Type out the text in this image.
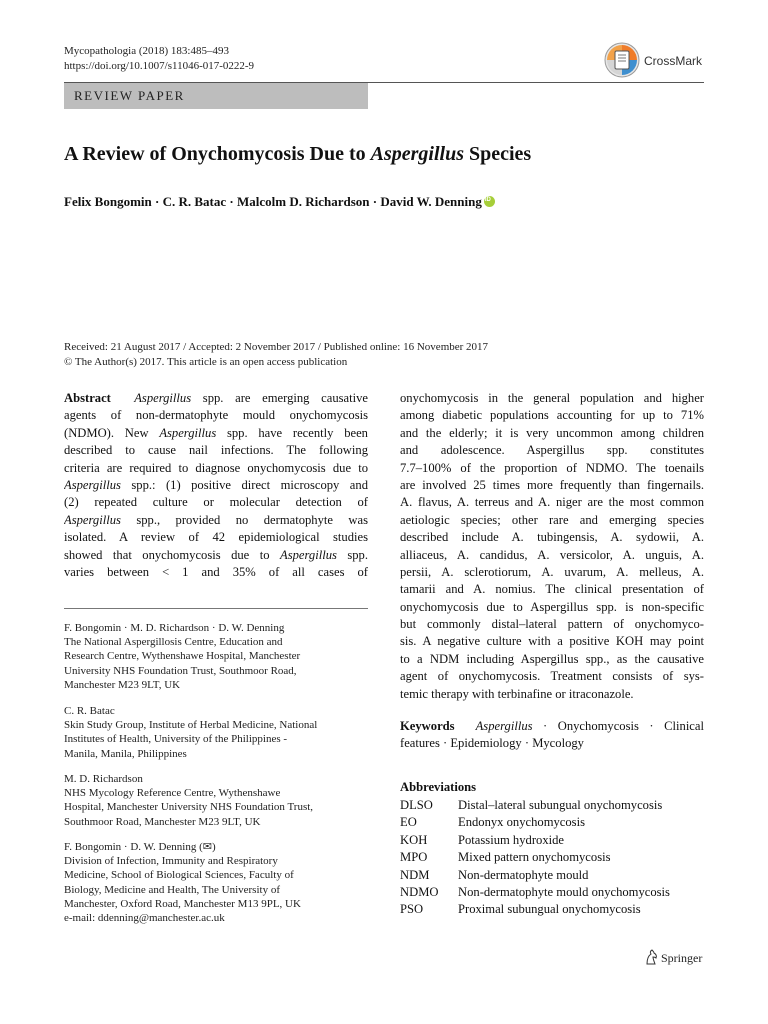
Mycopathologia (2018) 183:485–493
https://doi.org/10.1007/s11046-017-0222-9	CrossMark
REVIEW PAPER
A Review of Onychomycosis Due to Aspergillus Species
Felix Bongomin · C. R. Batac · Malcolm D. Richardson · David W. DenningiD
Received: 21 August 2017 / Accepted: 2 November 2017 / Published online: 16 November 2017
© The Author(s) 2017. This article is an open access publication
Abstract Aspergillus spp. are emerging causative
agents of non-dermatophyte mould onychomycosis
(NDMO). New Aspergillus spp. have recently been
described to cause nail infections. The following
criteria are required to diagnose onychomycosis due to
Aspergillus spp.: (1) positive direct microscopy and
(2) repeated culture or molecular detection of
Aspergillus spp., provided no dermatophyte was
isolated. A review of 42 epidemiological studies
showed that onychomycosis due to Aspergillus spp.
varies between < 1 and 35% of all cases of
F. Bongomin · M. D. Richardson · D. W. Denning
The National Aspergillosis Centre, Education and
Research Centre, Wythenshawe Hospital, Manchester
University NHS Foundation Trust, Southmoor Road,
Manchester M23 9LT, UK
C. R. Batac
Skin Study Group, Institute of Herbal Medicine, National
Institutes of Health, University of the Philippines -
Manila, Manila, Philippines
M. D. Richardson
NHS Mycology Reference Centre, Wythenshawe
Hospital, Manchester University NHS Foundation Trust,
Southmoor Road, Manchester M23 9LT, UK
F. Bongomin · D. W. Denning (✉)
Division of Infection, Immunity and Respiratory
Medicine, School of Biological Sciences, Faculty of
Biology, Medicine and Health, The University of
Manchester, Oxford Road, Manchester M13 9PL, UK
e-mail: ddenning@manchester.ac.uk
onychomycosis in the general population and higher
among diabetic populations accounting for up to 71%
and the elderly; it is very uncommon among children
and adolescence. Aspergillus spp. constitutes
7.7–100% of the proportion of NDMO. The toenails
are involved 25 times more frequently than fingernails.
A. flavus, A. terreus and A. niger are the most common
aetiologic species; other rare and emerging species
described include A. tubingensis, A. sydowii, A.
alliaceus, A. candidus, A. versicolor, A. unguis, A.
persii, A. sclerotiorum, A. uvarum, A. melleus, A.
tamarii and A. nomius. The clinical presentation of
onychomycosis due to Aspergillus spp. is non-specific
but commonly distal–lateral pattern of onychomyco-
sis. A negative culture with a positive KOH may point
to a NDM including Aspergillus spp., as the causative
agent of onychomycosis. Treatment consists of sys-
temic therapy with terbinafine or itraconazole.
Keywords Aspergillus · Onychomycosis · Clinical
features · Epidemiology · Mycology
Abbreviations
DLSO	Distal–lateral subungual onychomycosis
EO	Endonyx onychomycosis
KOH	Potassium hydroxide
MPO	Mixed pattern onychomycosis
NDM	Non-dermatophyte mould
NDMO	Non-dermatophyte mould onychomycosis
PSO	Proximal subungual onychomycosis
Springer
